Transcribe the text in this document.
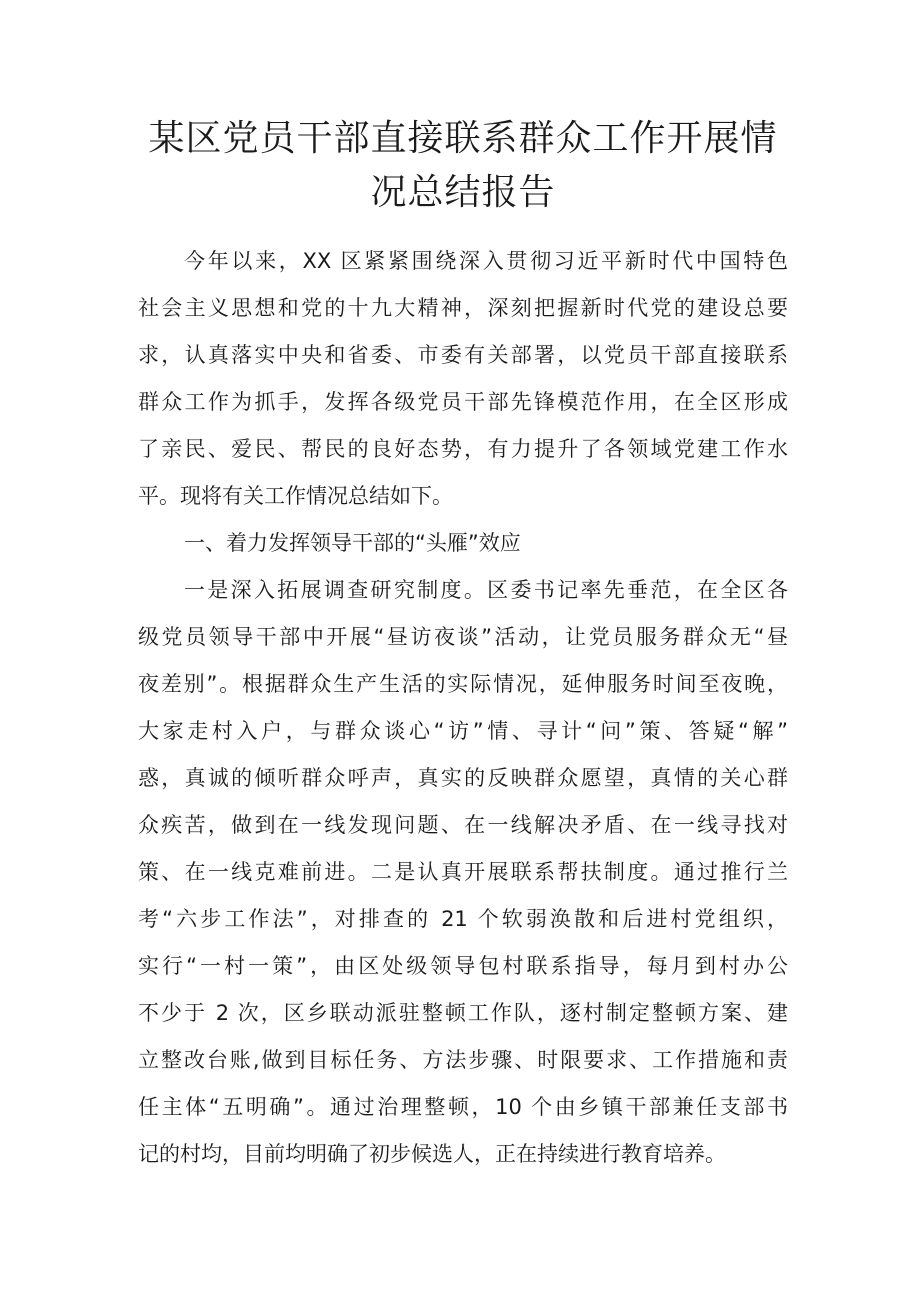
某区党员干部直接联系群众工作开展情
况总结报告
今年以来，XX 区紧紧围绕深入贯彻习近平新时代中国特色
社会主义思想和党的十九大精神，深刻把握新时代党的建设总要
求，认真落实中央和省委、市委有关部署，以党员干部直接联系
群众工作为抓手，发挥各级党员干部先锋模范作用，在全区形成
了亲民、爱民、帮民的良好态势，有力提升了各领域党建工作水
平。现将有关工作情况总结如下。
一、着力发挥领导干部的“头雁”效应
一是深入拓展调查研究制度。区委书记率先垂范，在全区各
级党员领导干部中开展“昼访夜谈”活动，让党员服务群众无“昼
夜差别”。根据群众生产生活的实际情况，延伸服务时间至夜晚，
大家走村入户，与群众谈心“访”情、寻计“问”策、答疑“解”
惑，真诚的倾听群众呼声，真实的反映群众愿望，真情的关心群
众疾苦，做到在一线发现问题、在一线解决矛盾、在一线寻找对
策、在一线克难前进。二是认真开展联系帮扶制度。通过推行兰
考“六步工作法”，对排查的 21 个软弱涣散和后进村党组织，
实行“一村一策”，由区处级领导包村联系指导，每月到村办公
不少于 2 次，区乡联动派驻整顿工作队，逐村制定整顿方案、建
立整改台账,做到目标任务、方法步骤、时限要求、工作措施和责
任主体“五明确”。通过治理整顿，10 个由乡镇干部兼任支部书
记的村均，目前均明确了初步候选人，正在持续进行教育培养。
